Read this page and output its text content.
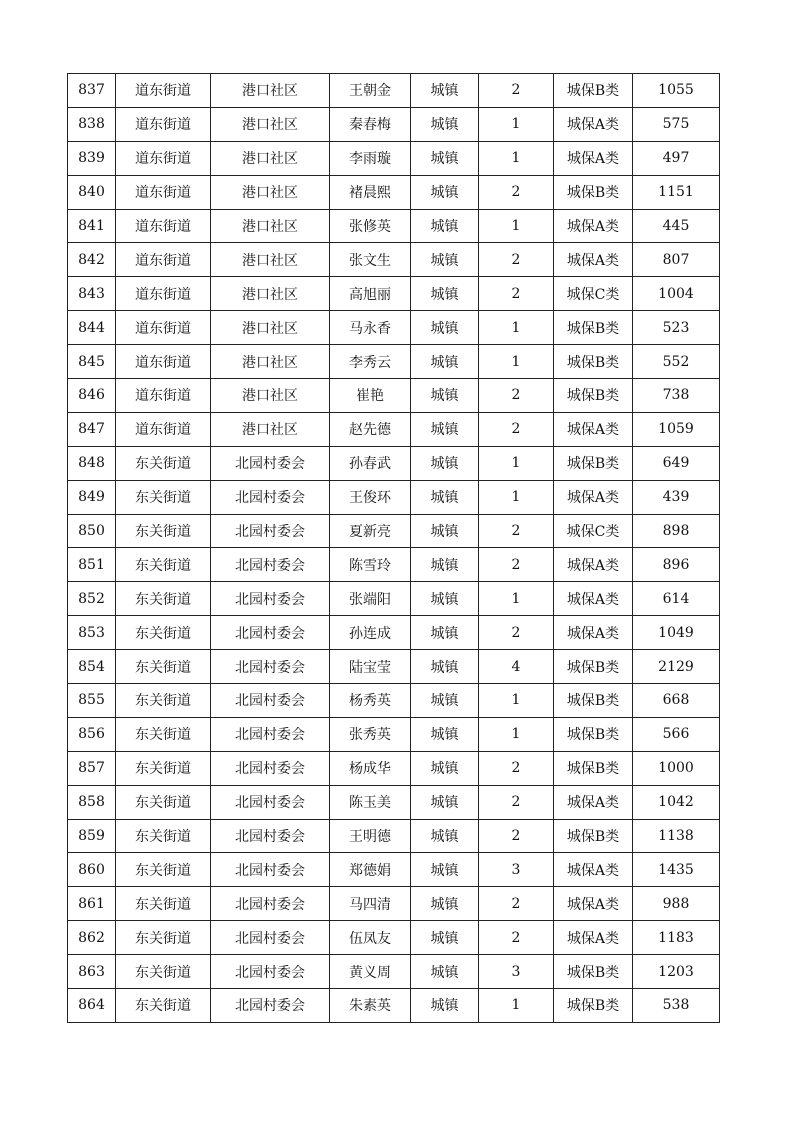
837	道东街道	港口社区	王朝金	城镇	2	城保B类	1055
838	道东街道	港口社区	秦春梅	城镇	1	城保A类	575
839	道东街道	港口社区	李雨璇	城镇	1	城保A类	497
840	道东街道	港口社区	褚晨熙	城镇	2	城保B类	1151
841	道东街道	港口社区	张修英	城镇	1	城保A类	445
842	道东街道	港口社区	张文生	城镇	2	城保A类	807
843	道东街道	港口社区	高旭丽	城镇	2	城保C类	1004
844	道东街道	港口社区	马永香	城镇	1	城保B类	523
845	道东街道	港口社区	李秀云	城镇	1	城保B类	552
846	道东街道	港口社区	崔艳	城镇	2	城保B类	738
847	道东街道	港口社区	赵先德	城镇	2	城保A类	1059
848	东关街道	北园村委会	孙春武	城镇	1	城保B类	649
849	东关街道	北园村委会	王俊环	城镇	1	城保A类	439
850	东关街道	北园村委会	夏新亮	城镇	2	城保C类	898
851	东关街道	北园村委会	陈雪玲	城镇	2	城保A类	896
852	东关街道	北园村委会	张端阳	城镇	1	城保A类	614
853	东关街道	北园村委会	孙连成	城镇	2	城保A类	1049
854	东关街道	北园村委会	陆宝莹	城镇	4	城保B类	2129
855	东关街道	北园村委会	杨秀英	城镇	1	城保B类	668
856	东关街道	北园村委会	张秀英	城镇	1	城保B类	566
857	东关街道	北园村委会	杨成华	城镇	2	城保B类	1000
858	东关街道	北园村委会	陈玉美	城镇	2	城保A类	1042
859	东关街道	北园村委会	王明德	城镇	2	城保B类	1138
860	东关街道	北园村委会	郑德娟	城镇	3	城保A类	1435
861	东关街道	北园村委会	马四清	城镇	2	城保A类	988
862	东关街道	北园村委会	伍凤友	城镇	2	城保A类	1183
863	东关街道	北园村委会	黄义周	城镇	3	城保B类	1203
864	东关街道	北园村委会	朱素英	城镇	1	城保B类	538
